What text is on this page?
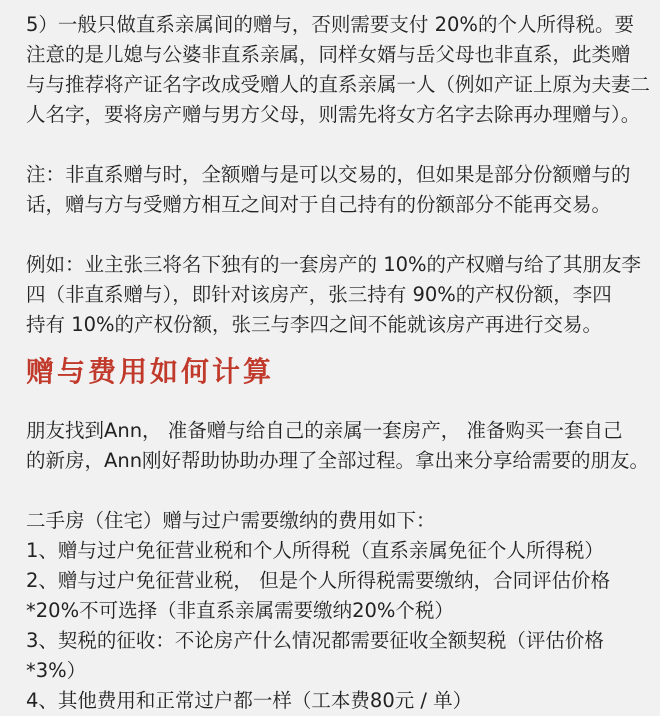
5）一般只做直系亲属间的赠与，否则需要支付 20%的个人所得税。要
注意的是儿媳与公婆非直系亲属，同样女婿与岳父母也非直系，此类赠
与与推荐将产证名字改成受赠人的直系亲属一人（例如产证上原为夫妻二
人名字，要将房产赠与男方父母，则需先将女方名字去除再办理赠与）。

注：非直系赠与时，全额赠与是可以交易的，但如果是部分份额赠与的
话，赠与方与受赠方相互之间对于自己持有的份额部分不能再交易。

例如：业主张三将名下独有的一套房产的 10%的产权赠与给了其朋友李
四（非直系赠与），即针对该房产，张三持有 90%的产权份额，李四
持有 10%的产权份额，张三与李四之间不能就该房产再进行交易。

赠与费用如何计算

朋友找到Ann， 准备赠与给自己的亲属一套房产， 准备购买一套自己
的新房，Ann刚好帮助协助办理了全部过程。拿出来分享给需要的朋友。

二手房（住宅）赠与过户需要缴纳的费用如下：
1、赠与过户免征营业税和个人所得税（直系亲属免征个人所得税）
2、赠与过户免征营业税， 但是个人所得税需要缴纳，合同评估价格
*20%不可选择（非直系亲属需要缴纳20%个税）
3、契税的征收：不论房产什么情况都需要征收全额契税（评估价格
*3%）
4、其他费用和正常过户都一样（工本费80元 / 单）
